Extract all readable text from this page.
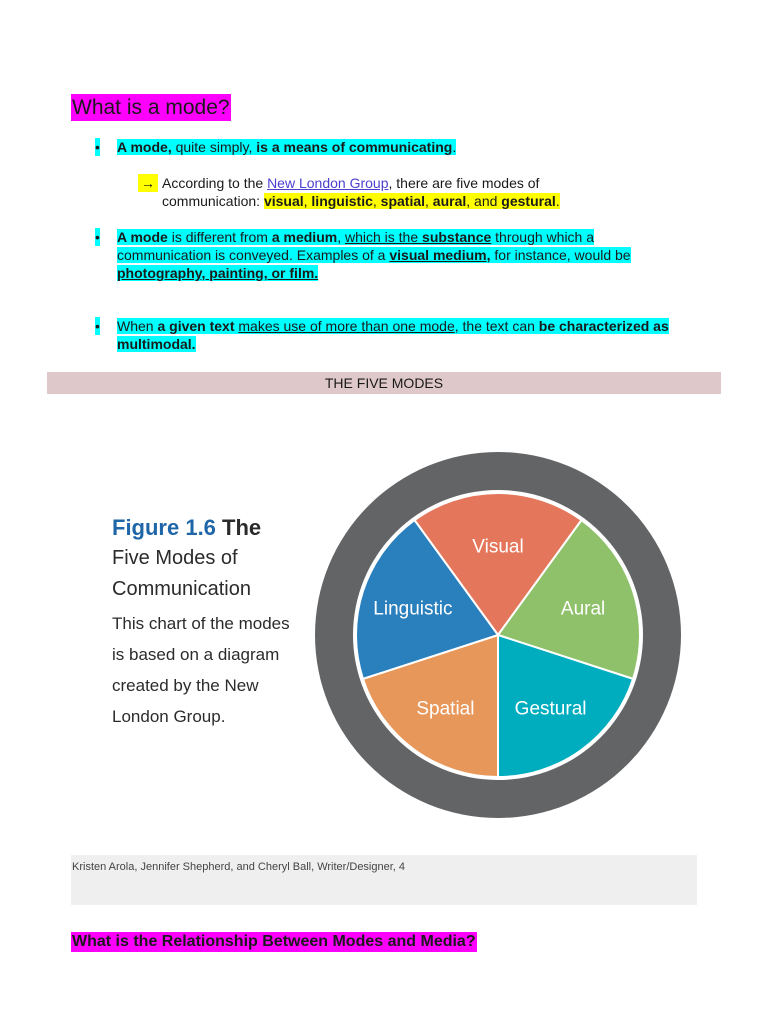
What is a mode?
• A mode, quite simply, is a means of communicating.
→ According to the New London Group, there are five modes of communication: visual, linguistic, spatial, aural, and gestural.
• A mode is different from a medium, which is the substance through which a communication is conveyed. Examples of a visual medium, for instance, would be photography, painting, or film.
• When a given text makes use of more than one mode, the text can be characterized as multimodal.
THE FIVE MODES
Figure 1.6 The
Five Modes of
Communication
This chart of the modes
is based on a diagram
created by the New
London Group.
Visual
Aural
Gestural
Spatial
Linguistic
Kristen Arola, Jennifer Shepherd, and Cheryl Ball, Writer/Designer, 4
What is the Relationship Between Modes and Media?
